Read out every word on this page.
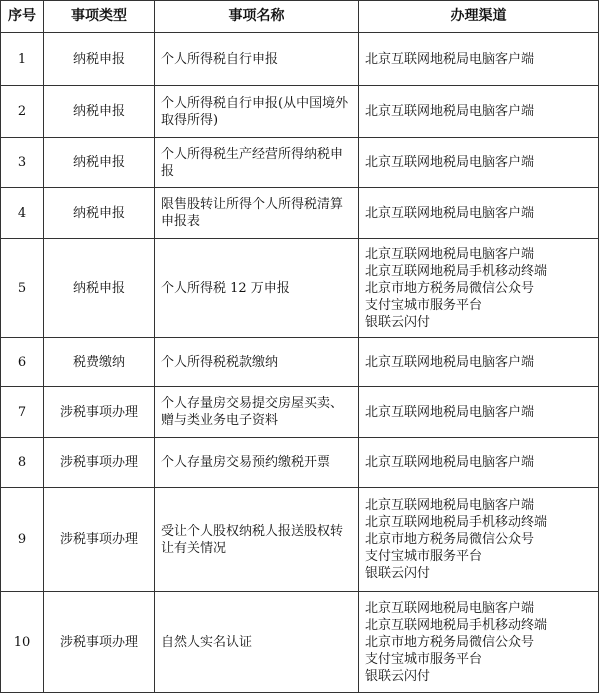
序号	事项类型	事项名称	办理渠道
1	纳税申报	个人所得税自行申报	北京互联网地税局电脑客户端

2	纳税申报	个人所得税自行申报(从中国境外取得所得)	北京互联网地税局电脑客户端

3	纳税申报	个人所得税生产经营所得纳税申报	北京互联网地税局电脑客户端

4	纳税申报	限售股转让所得个人所得税清算申报表	北京互联网地税局电脑客户端

5	纳税申报	个人所得税 12 万申报	北京互联网地税局电脑客户端
北京互联网地税局手机移动终端
北京市地方税务局微信公众号
支付宝城市服务平台
银联云闪付

6	税费缴纳	个人所得税税款缴纳	北京互联网地税局电脑客户端

7	涉税事项办理	个人存量房交易提交房屋买卖、赠与类业务电子资料	北京互联网地税局电脑客户端

8	涉税事项办理	个人存量房交易预约缴税开票	北京互联网地税局电脑客户端

9	涉税事项办理	受让个人股权纳税人报送股权转让有关情况	北京互联网地税局电脑客户端
北京互联网地税局手机移动终端
北京市地方税务局微信公众号
支付宝城市服务平台
银联云闪付

10	涉税事项办理	自然人实名认证	北京互联网地税局电脑客户端
北京互联网地税局手机移动终端
北京市地方税务局微信公众号
支付宝城市服务平台
银联云闪付
